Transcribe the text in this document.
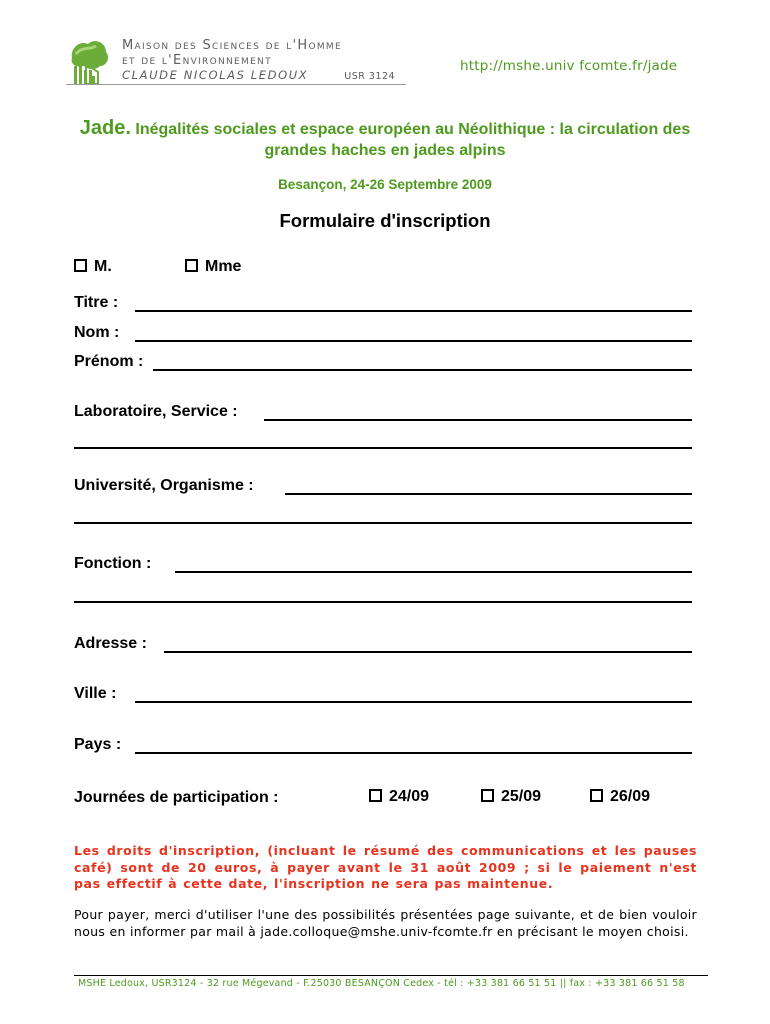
Maison des Sciences de l'Homme
et de l'Environnement
CLAUDE NICOLAS LEDOUX	USR 3124
http://mshe.univ fcomte.fr/jade
Jade. Inégalités sociales et espace européen au Néolithique : la circulation des grandes haches en jades alpins
Besançon, 24-26 Septembre 2009
Formulaire d'inscription
M.	Mme
Titre :
Nom :
Prénom :
Laboratoire, Service :
Université, Organisme :
Fonction :
Adresse :
Ville :
Pays :
Journées de participation :	24/09	25/09	26/09
Les droits d'inscription, (incluant le résumé des communications et les pauses café) sont de 20 euros, à payer avant le 31 août 2009 ; si le paiement n'est pas effectif à cette date, l'inscription ne sera pas maintenue.
Pour payer, merci d'utiliser l'une des possibilités présentées page suivante, et de bien vouloir nous en informer par mail à jade.colloque@mshe.univ-fcomte.fr en précisant le moyen choisi.
MSHE Ledoux, USR3124 - 32 rue Mégevand - F.25030 BESANÇON Cedex - tél : +33 381 66 51 51 || fax : +33 381 66 51 58
